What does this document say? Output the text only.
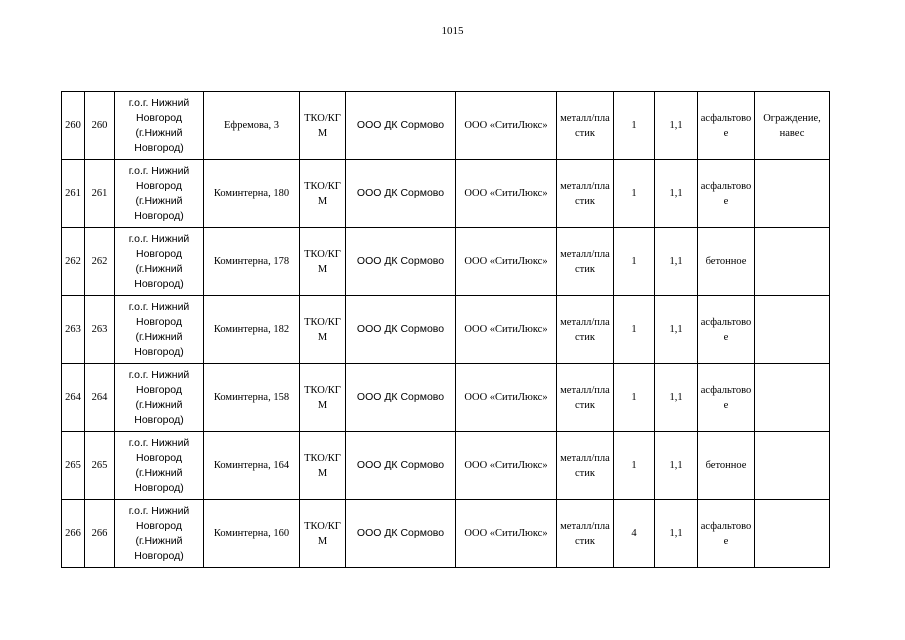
1015
260	260	г.о.г. Нижний Новгород (г.Нижний Новгород)	Ефремова, 3	ТКО/КГМ	ООО ДК Сормово	ООО «СитиЛюкс»	металл/пластик	1	1,1	асфальтовое	Ограждение, навес
261	261	г.о.г. Нижний Новгород (г.Нижний Новгород)	Коминтерна, 180	ТКО/КГМ	ООО ДК Сормово	ООО «СитиЛюкс»	металл/пластик	1	1,1	асфальтовое	
262	262	г.о.г. Нижний Новгород (г.Нижний Новгород)	Коминтерна, 178	ТКО/КГМ	ООО ДК Сормово	ООО «СитиЛюкс»	металл/пластик	1	1,1	бетонное	
263	263	г.о.г. Нижний Новгород (г.Нижний Новгород)	Коминтерна, 182	ТКО/КГМ	ООО ДК Сормово	ООО «СитиЛюкс»	металл/пластик	1	1,1	асфальтовое	
264	264	г.о.г. Нижний Новгород (г.Нижний Новгород)	Коминтерна, 158	ТКО/КГМ	ООО ДК Сормово	ООО «СитиЛюкс»	металл/пластик	1	1,1	асфальтовое	
265	265	г.о.г. Нижний Новгород (г.Нижний Новгород)	Коминтерна, 164	ТКО/КГМ	ООО ДК Сормово	ООО «СитиЛюкс»	металл/пластик	1	1,1	бетонное	
266	266	г.о.г. Нижний Новгород (г.Нижний Новгород)	Коминтерна, 160	ТКО/КГМ	ООО ДК Сормово	ООО «СитиЛюкс»	металл/пластик	4	1,1	асфальтовое	
